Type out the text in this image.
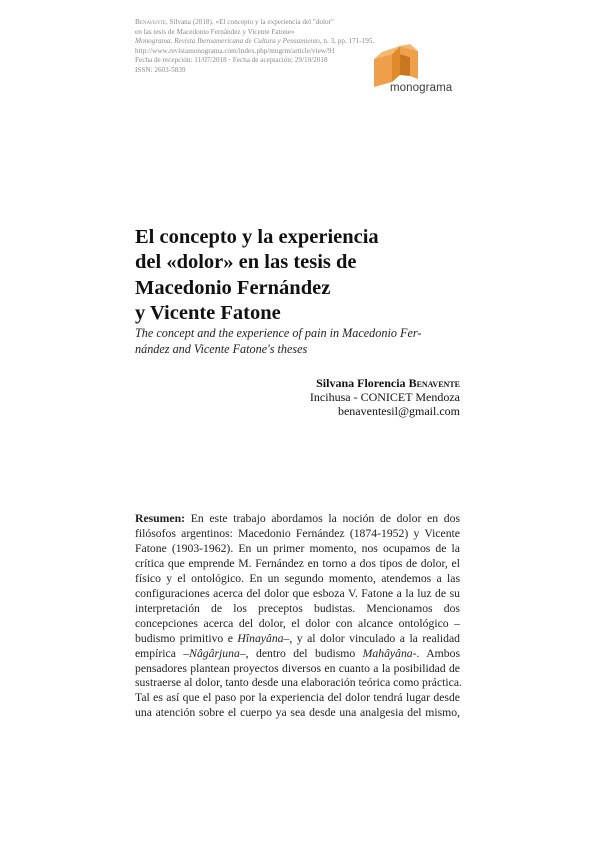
Benavente, Silvana (2018). «El concepto y la experiencia del "dolor"
en las tesis de Macedonio Fernández y Vicente Fatone»
Monograma. Revista Iberoamericana de Cultura y Pensamiento, n. 3, pp. 171-195.
http://www.revistamonograma.com/index.php/mngrm/article/view/91
Fecha de recepción: 11/07/2018 · Fecha de aceptación: 29/10/2018
ISSN: 2603-5839
monograma
El concepto y la experiencia
del «dolor» en las tesis de
Macedonio Fernández
y Vicente Fatone
The concept and the experience of pain in Macedonio Fer-
nández and Vicente Fatone's theses
Silvana Florencia Benavente
Incihusa - CONICET Mendoza
benaventesil@gmail.com
Resumen: En este trabajo abordamos la noción de dolor en dos
filósofos argentinos: Macedonio Fernández (1874-1952) y Vicente
Fatone (1903-1962). En un primer momento, nos ocupamos de la
crítica que emprende M. Fernández en torno a dos tipos de dolor, el
físico y el ontológico. En un segundo momento, atendemos a las
configuraciones acerca del dolor que esboza V. Fatone a la luz de su
interpretación de los preceptos budistas. Mencionamos dos
concepciones acerca del dolor, el dolor con alcance ontológico –
budismo primitivo e Hînayâna–, y al dolor vinculado a la realidad
empírica –Nâgârjuna–, dentro del budismo Mahâyâna-. Ambos
pensadores plantean proyectos diversos en cuanto a la posibilidad de
sustraerse al dolor, tanto desde una elaboración teórica como práctica.
Tal es así que el paso por la experiencia del dolor tendrá lugar desde
una atención sobre el cuerpo ya sea desde una analgesia del mismo,
